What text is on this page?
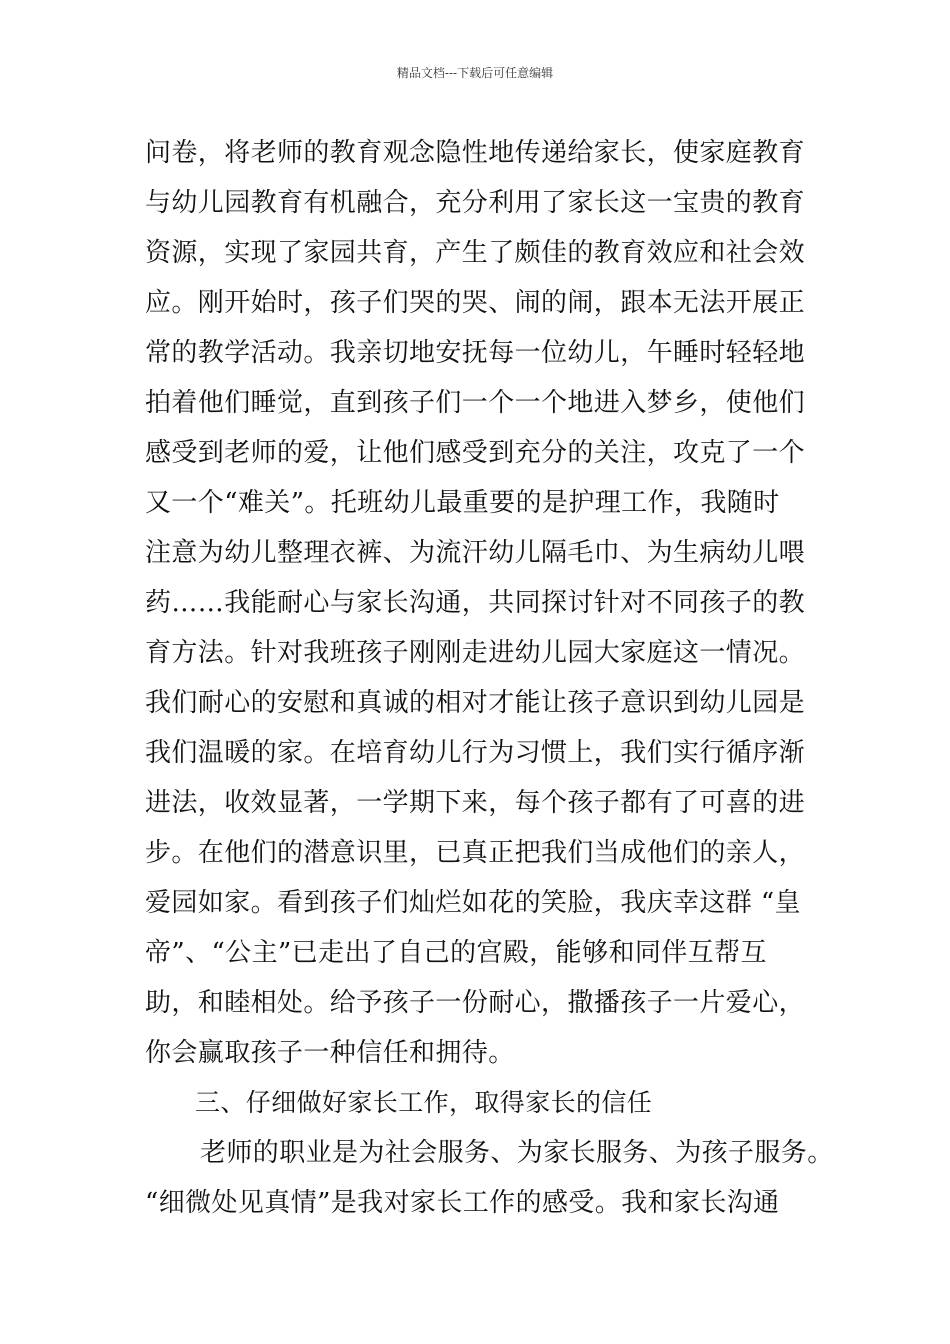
精品文档---下载后可任意编辑
问卷，将老师的教育观念隐性地传递给家长，使家庭教育
与幼儿园教育有机融合，充分利用了家长这一宝贵的教育
资源，实现了家园共育，产生了颇佳的教育效应和社会效
应。刚开始时，孩子们哭的哭、闹的闹，跟本无法开展正
常的教学活动。我亲切地安抚每一位幼儿，午睡时轻轻地
拍着他们睡觉，直到孩子们一个一个地进入梦乡，使他们
感受到老师的爱，让他们感受到充分的关注，攻克了一个
又一个“难关”。托班幼儿最重要的是护理工作，我随时
注意为幼儿整理衣裤、为流汗幼儿隔毛巾、为生病幼儿喂
药……我能耐心与家长沟通，共同探讨针对不同孩子的教
育方法。针对我班孩子刚刚走进幼儿园大家庭这一情况。
我们耐心的安慰和真诚的相对才能让孩子意识到幼儿园是
我们温暖的家。在培育幼儿行为习惯上，我们实行循序渐
进法，收效显著，一学期下来，每个孩子都有了可喜的进
步。在他们的潜意识里，已真正把我们当成他们的亲人，
爱园如家。看到孩子们灿烂如花的笑脸，我庆幸这群 “皇
帝”、“公主”已走出了自己的宫殿，能够和同伴互帮互
助，和睦相处。给予孩子一份耐心，撒播孩子一片爱心，
你会赢取孩子一种信任和拥待。
三、仔细做好家长工作，取得家长的信任
老师的职业是为社会服务、为家长服务、为孩子服务。
“细微处见真情”是我对家长工作的感受。我和家长沟通
